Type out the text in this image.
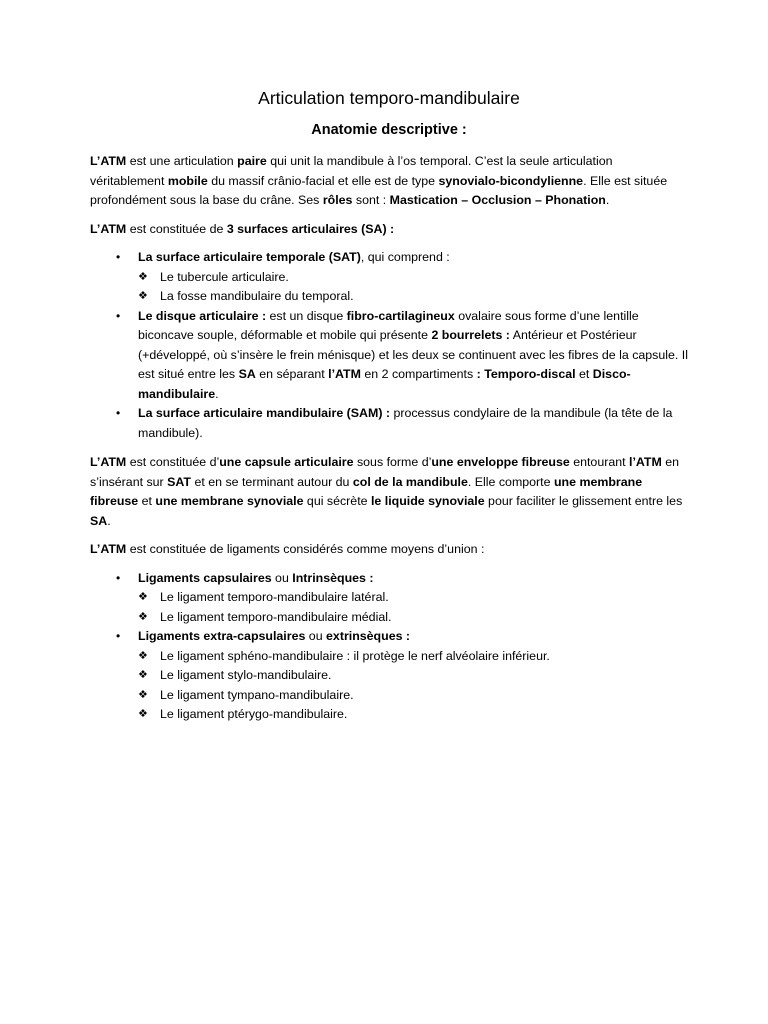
Articulation temporo-mandibulaire
Anatomie descriptive :

L’ATM est une articulation paire qui unit la mandibule à l’os temporal. C’est la seule articulation véritablement mobile du massif crânio-facial et elle est de type synovialo-bicondylienne. Elle est située profondément sous la base du crâne. Ses rôles sont : Mastication – Occlusion – Phonation.

L’ATM est constituée de 3 surfaces articulaires (SA) :

• La surface articulaire temporale (SAT), qui comprend :
❖ Le tubercule articulaire.
❖ La fosse mandibulaire du temporal.
• Le disque articulaire : est un disque fibro-cartilagineux ovalaire sous forme d’une lentille biconcave souple, déformable et mobile qui présente 2 bourrelets : Antérieur et Postérieur (+développé, où s’insère le frein ménisque) et les deux se continuent avec les fibres de la capsule. Il est situé entre les SA en séparant l’ATM en 2 compartiments : Temporo-discal et Disco-mandibulaire.
• La surface articulaire mandibulaire (SAM) : processus condylaire de la mandibule (la tête de la mandibule).

L’ATM est constituée d’une capsule articulaire sous forme d’une enveloppe fibreuse entourant l’ATM en s’insérant sur SAT et en se terminant autour du col de la mandibule. Elle comporte une membrane fibreuse et une membrane synoviale qui sécrète le liquide synoviale pour faciliter le glissement entre les SA.

L’ATM est constituée de ligaments considérés comme moyens d’union :

• Ligaments capsulaires ou Intrinsèques :
❖ Le ligament temporo-mandibulaire latéral.
❖ Le ligament temporo-mandibulaire médial.
• Ligaments extra-capsulaires ou extrinsèques :
❖ Le ligament sphéno-mandibulaire : il protège le nerf alvéolaire inférieur.
❖ Le ligament stylo-mandibulaire.
❖ Le ligament tympano-mandibulaire.
❖ Le ligament ptérygo-mandibulaire.
